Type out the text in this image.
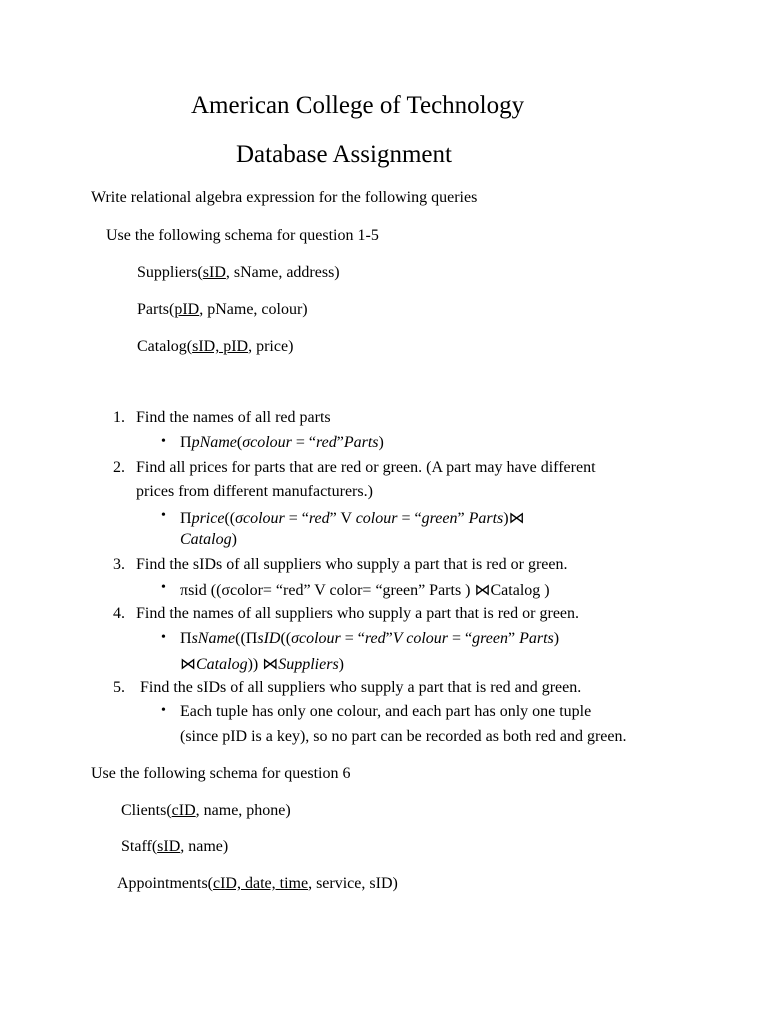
American College of Technology
Database Assignment
Write relational algebra expression for the following queries
Use the following schema for question 1-5
Suppliers(sID, sName, address)
Parts(pID, pName, colour)
Catalog(sID, pID, price)
1. Find the names of all red parts
• ΠpName(σcolour = “red”Parts)
2. Find all prices for parts that are red or green. (A part may have different
prices from different manufacturers.)
• Πprice((σcolour = “red” V colour = “green” Parts)⋈
Catalog)
3. Find the sIDs of all suppliers who supply a part that is red or green.
• πsid ((σcolor= “red” V color= “green” Parts ) ⋈Catalog )
4. Find the names of all suppliers who supply a part that is red or green.
• ΠsName((ΠsID((σcolour = “red”V colour = “green” Parts)
⋈Catalog)) ⋈Suppliers)
5. Find the sIDs of all suppliers who supply a part that is red and green.
• Each tuple has only one colour, and each part has only one tuple
(since pID is a key), so no part can be recorded as both red and green.
Use the following schema for question 6
Clients(cID, name, phone)
Staff(sID, name)
Appointments(cID, date, time, service, sID)
